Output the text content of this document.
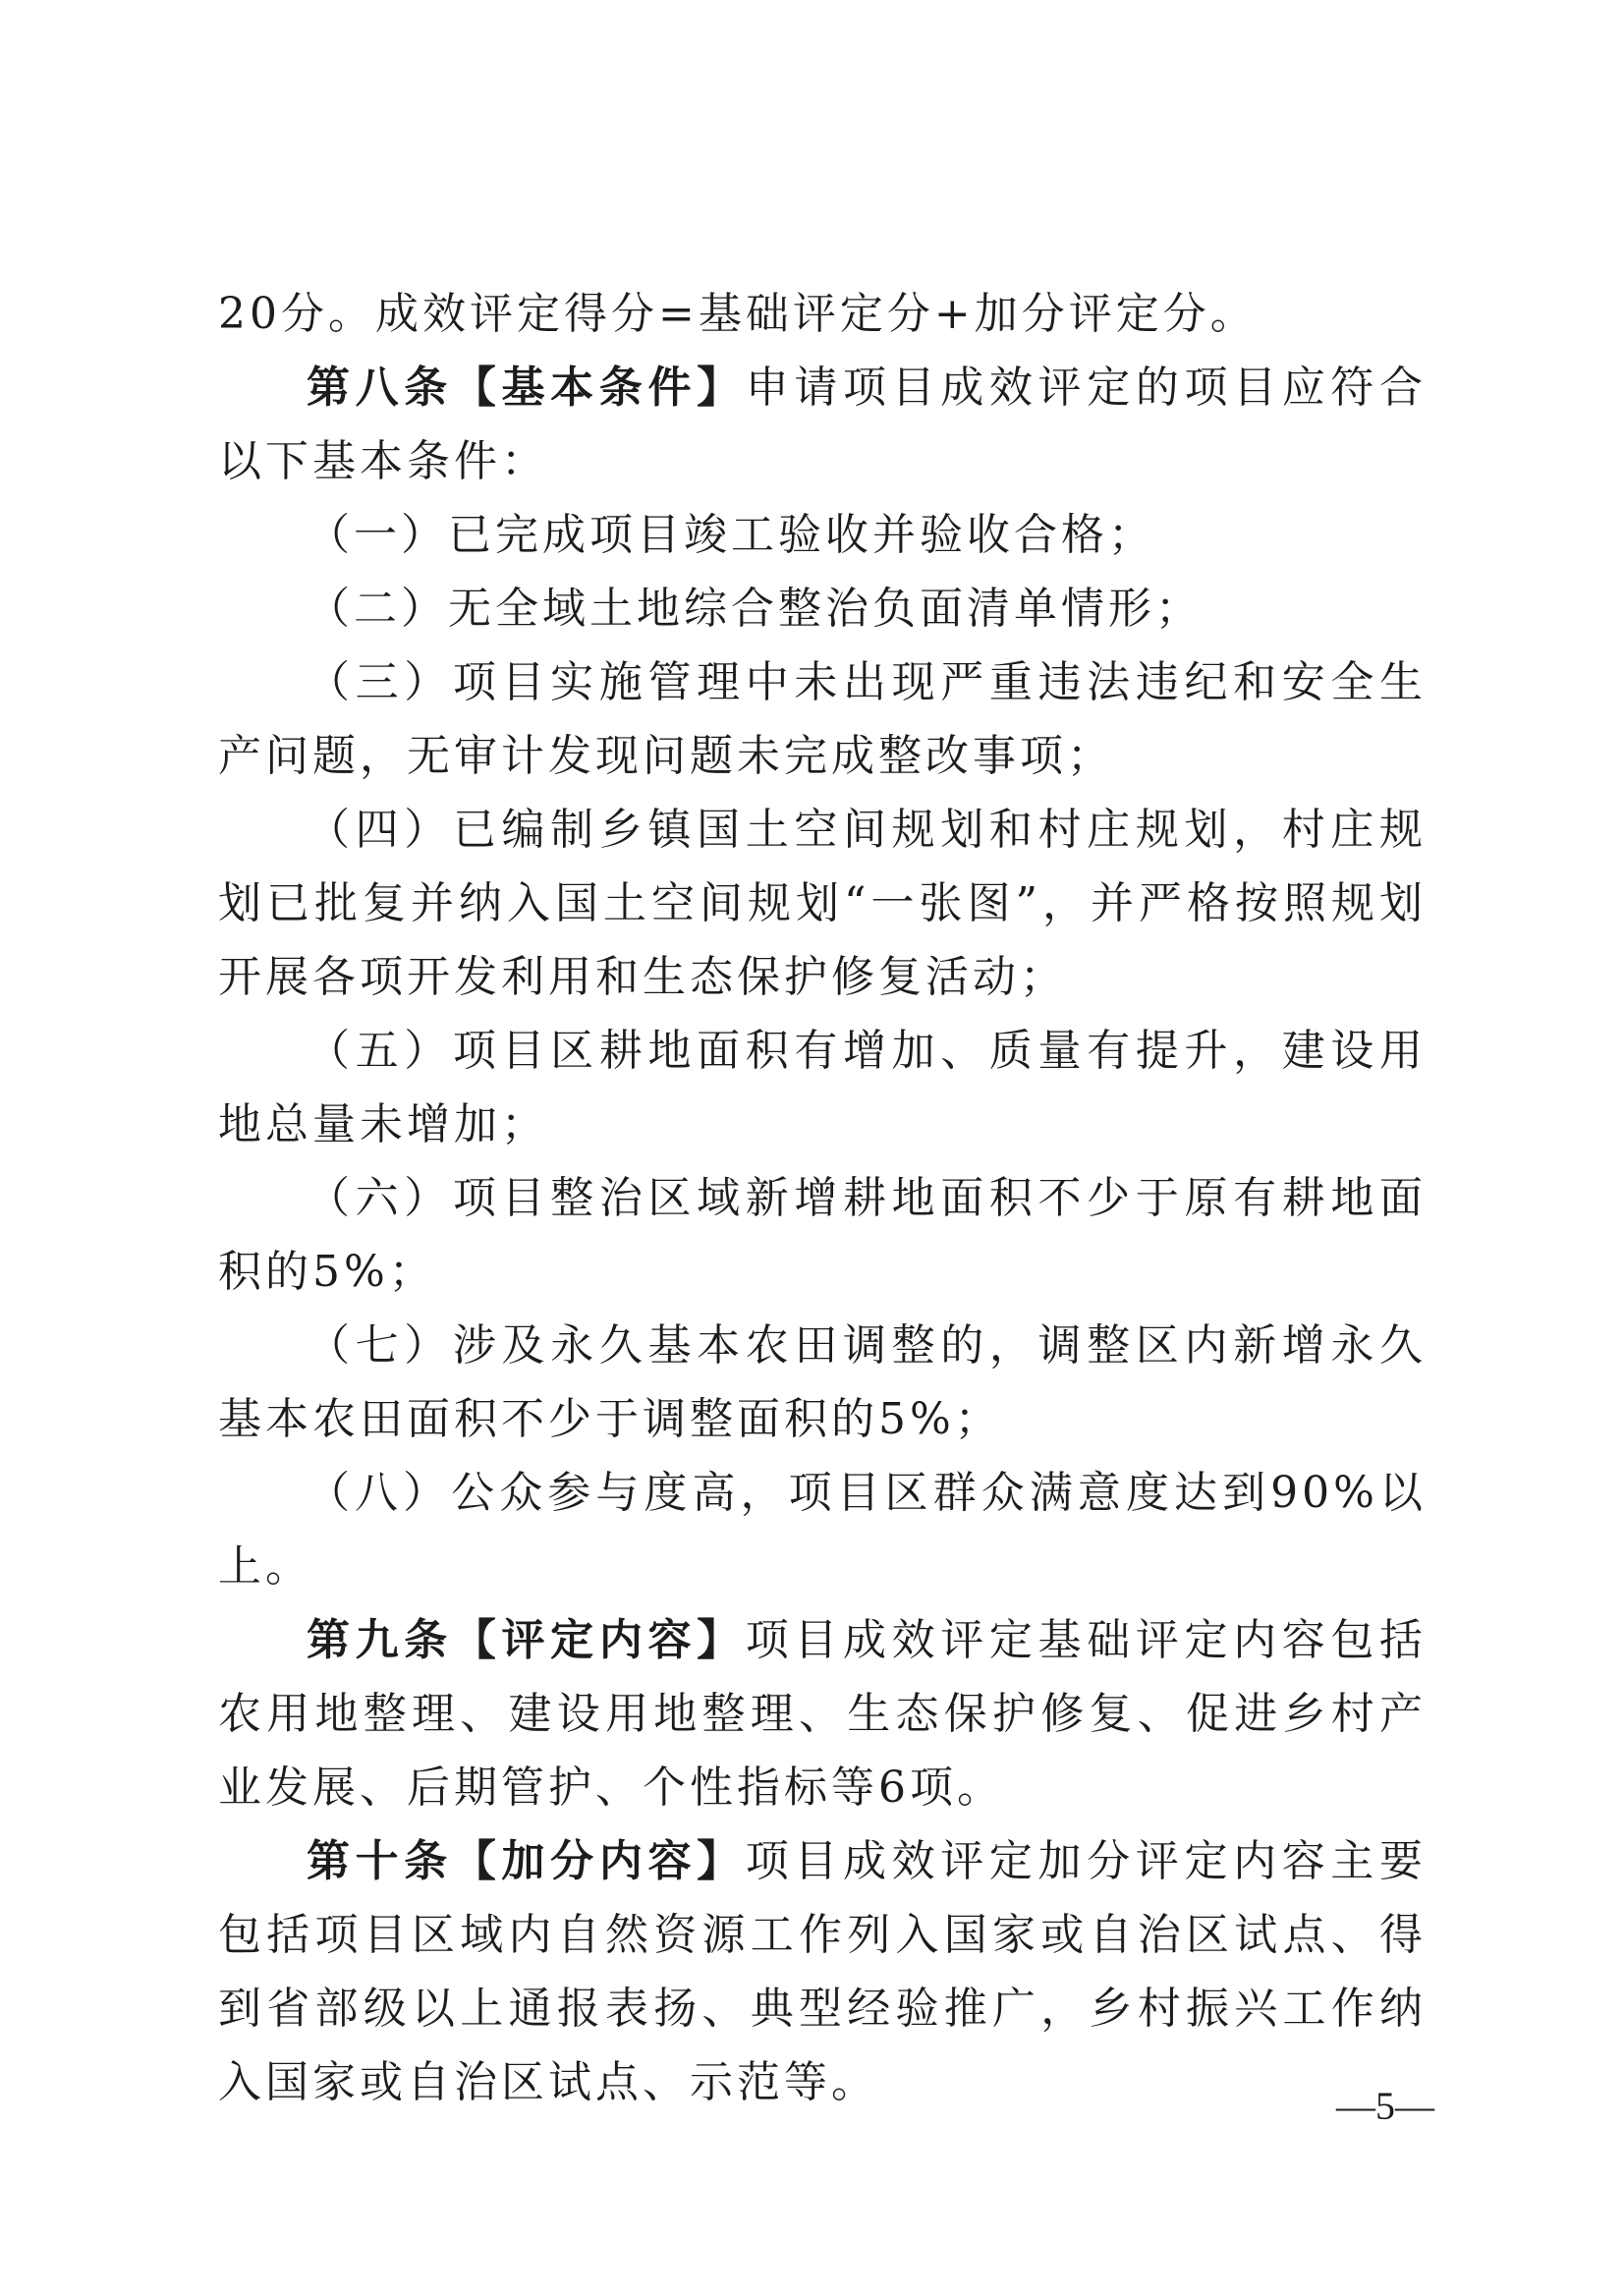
20分。成效评定得分=基础评定分+加分评定分。

第八条【基本条件】申请项目成效评定的项目应符合以下基本条件：

（一）已完成项目竣工验收并验收合格；

（二）无全域土地综合整治负面清单情形；

（三）项目实施管理中未出现严重违法违纪和安全生产问题，无审计发现问题未完成整改事项；

（四）已编制乡镇国土空间规划和村庄规划，村庄规划已批复并纳入国土空间规划“一张图”，并严格按照规划开展各项开发利用和生态保护修复活动；

（五）项目区耕地面积有增加、质量有提升，建设用地总量未增加；

（六）项目整治区域新增耕地面积不少于原有耕地面积的5%；

（七）涉及永久基本农田调整的，调整区内新增永久基本农田面积不少于调整面积的5%；

（八）公众参与度高，项目区群众满意度达到90%以上。

第九条【评定内容】项目成效评定基础评定内容包括农用地整理、建设用地整理、生态保护修复、促进乡村产业发展、后期管护、个性指标等6项。

第十条【加分内容】项目成效评定加分评定内容主要包括项目区域内自然资源工作列入国家或自治区试点、得到省部级以上通报表扬、典型经验推广，乡村振兴工作纳入国家或自治区试点、示范等。	—5—
